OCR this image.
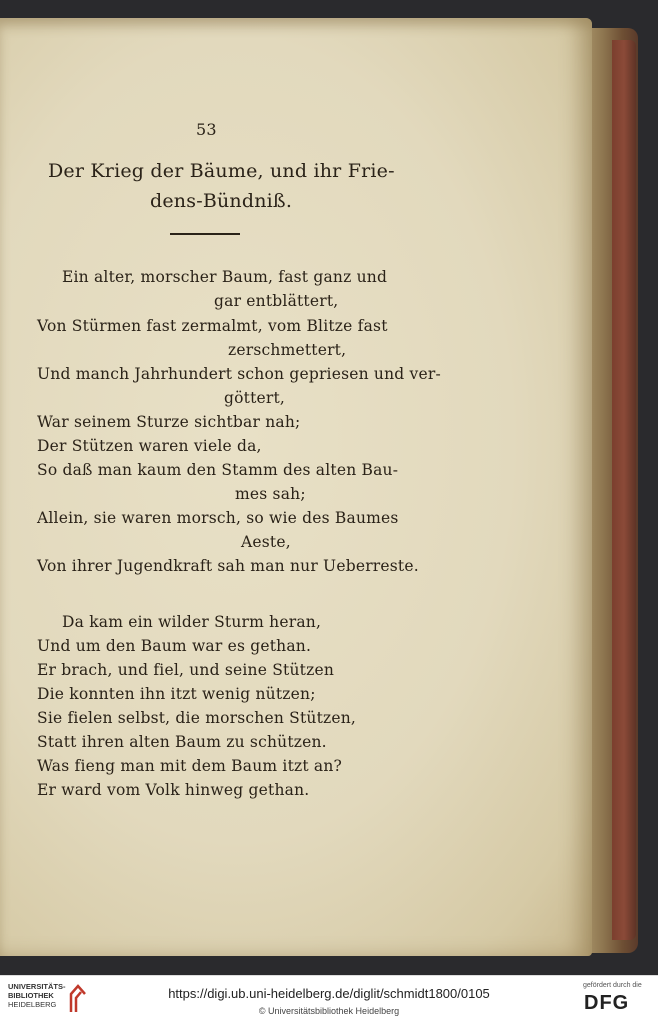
53
Der Krieg der Bäume, und ihr Frie-
dens-Bündniß.
Ein alter, morscher Baum, fast ganz und
gar entblättert,
Von Stürmen fast zermalmt, vom Blitze fast
zerschmettert,
Und manch Jahrhundert schon gepriesen und ver-
göttert,
War seinem Sturze sichtbar nah;
Der Stützen waren viele da,
So daß man kaum den Stamm des alten Bau-
mes sah;
Allein, sie waren morsch, so wie des Baumes
Aeste,
Von ihrer Jugendkraft sah man nur Ueberreste.
Da kam ein wilder Sturm heran,
Und um den Baum war es gethan.
Er brach, und fiel, und seine Stützen
Die konnten ihn itzt wenig nützen;
Sie fielen selbst, die morschen Stützen,
Statt ihren alten Baum zu schützen.
Was fieng man mit dem Baum itzt an?
Er ward vom Volk hinweg gethan.
UNIVERSITÄTS-
BIBLIOTHEK
HEIDELBERG
https://digi.ub.uni-heidelberg.de/diglit/schmidt1800/0105
© Universitätsbibliothek Heidelberg
gefördert durch die
DFG
